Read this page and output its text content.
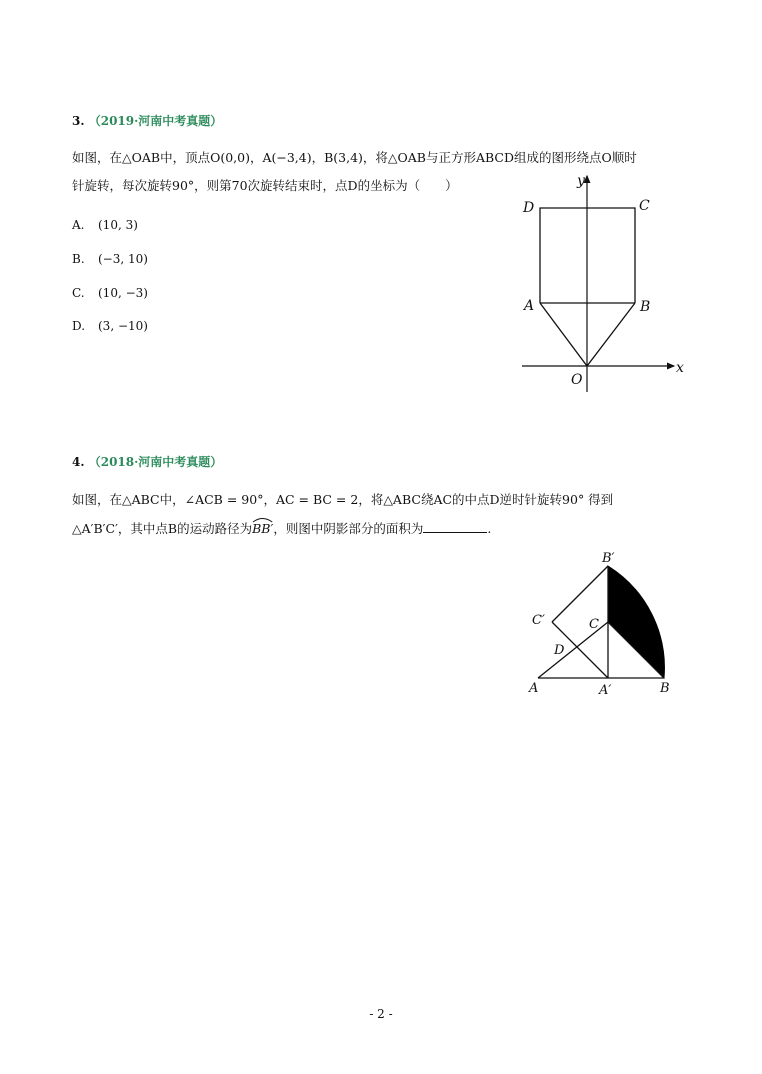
3. （2019·河南中考真题）
如图，在△OAB中，顶点O(0,0)，A(−3,4)，B(3,4)，将△OAB与正方形ABCD组成的图形绕点O顺时
针旋转，每次旋转90°，则第70次旋转结束时，点D的坐标为（　　）
A. (10, 3)
B. (−3, 10)
C. (10, −3)
D. (3, −10)
y
x
D	C
A	B
O
4. （2018·河南中考真题）
如图，在△ABC中，∠ACB = 90°，AC = BC = 2，将△ABC绕AC的中点D逆时针旋转90° 得到
△A′B′C′，其中点B的运动路径为BB′
，则图中阴影部分的面积为	.
B′
C′	C
D
A	A′	B
- 2 -
